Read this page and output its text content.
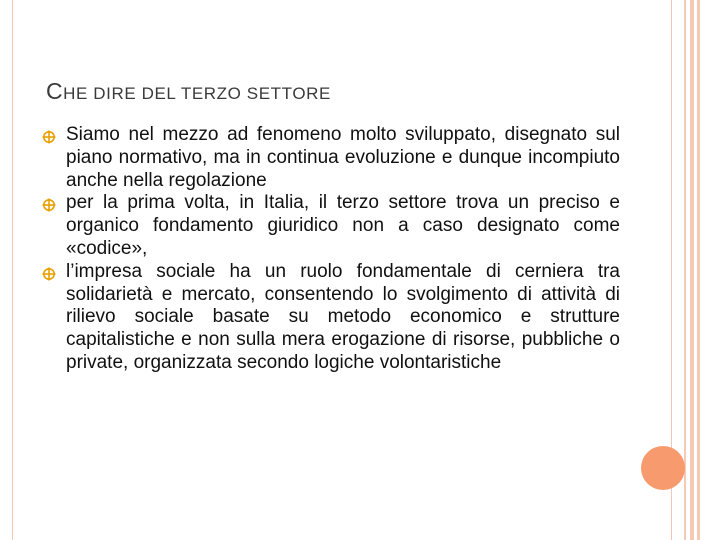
CHE DIRE DEL TERZO SETTORE
Siamo nel mezzo ad fenomeno molto sviluppato, disegnato sul piano normativo, ma in continua evoluzione e dunque incompiuto anche nella regolazione
per la prima volta, in Italia, il terzo settore trova un preciso e organico fondamento giuridico non a caso designato come «codice»,
l’impresa sociale ha un ruolo fondamentale di cerniera tra solidarietà e mercato, consentendo lo svolgimento di attività di rilievo sociale basate su metodo economico e strutture capitalistiche e non sulla mera erogazione di risorse, pubbliche o private, organizzata secondo logiche volontaristiche
